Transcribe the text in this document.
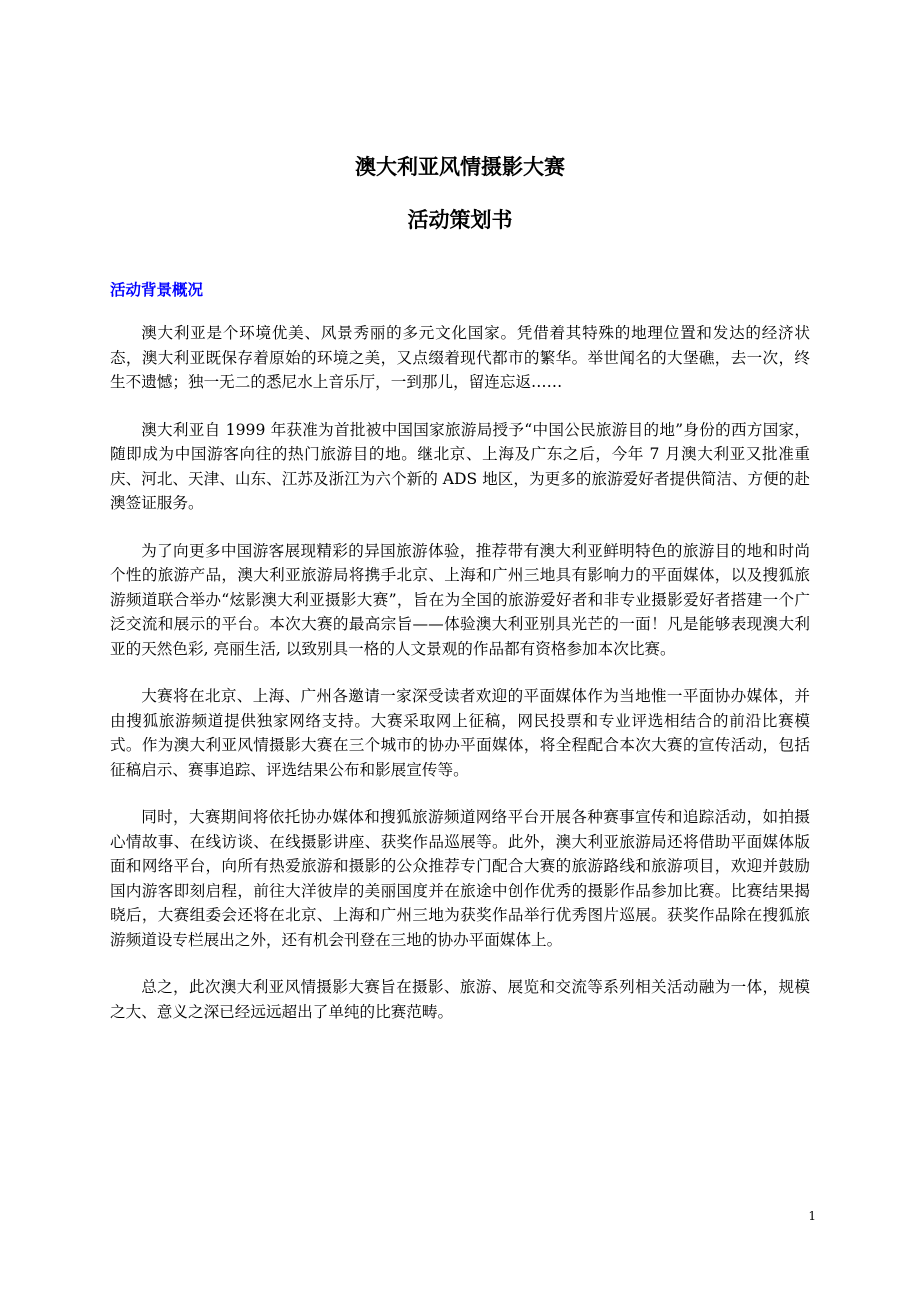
澳大利亚风情摄影大赛
活动策划书
活动背景概况

澳大利亚是个环境优美、风景秀丽的多元文化国家。凭借着其特殊的地理位置和发达的经济状态，澳大利亚既保存着原始的环境之美，又点缀着现代都市的繁华。举世闻名的大堡礁，去一次，终生不遗憾；独一无二的悉尼水上音乐厅，一到那儿，留连忘返……

澳大利亚自 1999 年获准为首批被中国国家旅游局授予“中国公民旅游目的地”身份的西方国家，随即成为中国游客向往的热门旅游目的地。继北京、上海及广东之后，今年 7 月澳大利亚又批准重庆、河北、天津、山东、江苏及浙江为六个新的 ADS 地区，为更多的旅游爱好者提供简洁、方便的赴澳签证服务。

为了向更多中国游客展现精彩的异国旅游体验，推荐带有澳大利亚鲜明特色的旅游目的地和时尚个性的旅游产品，澳大利亚旅游局将携手北京、上海和广州三地具有影响力的平面媒体，以及搜狐旅游频道联合举办“炫影澳大利亚摄影大赛”，旨在为全国的旅游爱好者和非专业摄影爱好者搭建一个广泛交流和展示的平台。本次大赛的最高宗旨——体验澳大利亚别具光芒的一面！凡是能够表现澳大利亚的天然色彩, 亮丽生活, 以致别具一格的人文景观的作品都有资格参加本次比赛。

大赛将在北京、上海、广州各邀请一家深受读者欢迎的平面媒体作为当地惟一平面协办媒体，并由搜狐旅游频道提供独家网络支持。大赛采取网上征稿，网民投票和专业评选相结合的前沿比赛模式。作为澳大利亚风情摄影大赛在三个城市的协办平面媒体，将全程配合本次大赛的宣传活动，包括征稿启示、赛事追踪、评选结果公布和影展宣传等。

同时，大赛期间将依托协办媒体和搜狐旅游频道网络平台开展各种赛事宣传和追踪活动，如拍摄心情故事、在线访谈、在线摄影讲座、获奖作品巡展等。此外，澳大利亚旅游局还将借助平面媒体版面和网络平台，向所有热爱旅游和摄影的公众推荐专门配合大赛的旅游路线和旅游项目，欢迎并鼓励国内游客即刻启程，前往大洋彼岸的美丽国度并在旅途中创作优秀的摄影作品参加比赛。比赛结果揭晓后，大赛组委会还将在北京、上海和广州三地为获奖作品举行优秀图片巡展。获奖作品除在搜狐旅游频道设专栏展出之外，还有机会刊登在三地的协办平面媒体上。

总之，此次澳大利亚风情摄影大赛旨在摄影、旅游、展览和交流等系列相关活动融为一体，规模之大、意义之深已经远远超出了单纯的比赛范畴。

1
